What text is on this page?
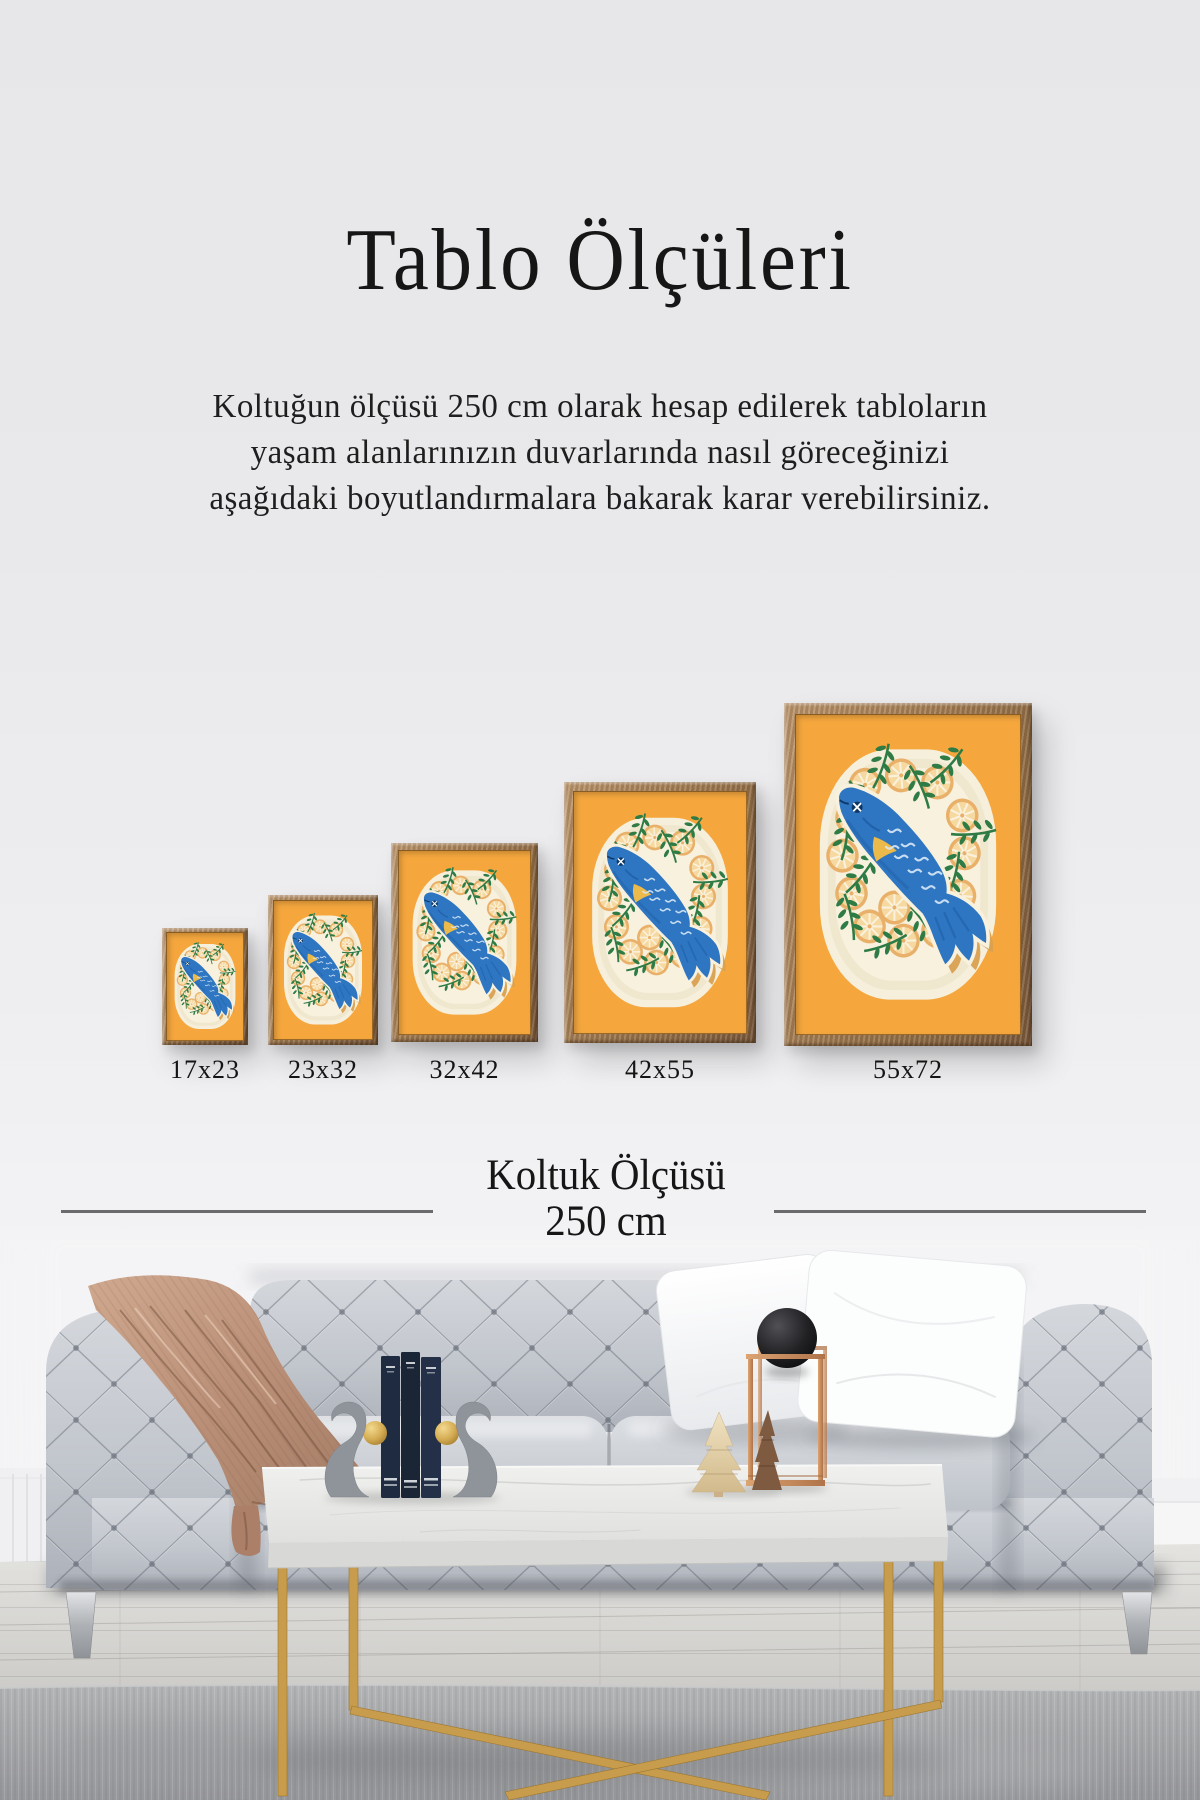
Tablo Ölçüleri

Koltuğun ölçüsü 250 cm olarak hesap edilerek tabloların
yaşam alanlarınızın duvarlarında nasıl göreceğinizi
aşağıdaki boyutlandırmalara bakarak karar verebilirsiniz.

17x23	23x32	32x42	42x55	55x72
Koltuk Ölçüsü
250 cm
